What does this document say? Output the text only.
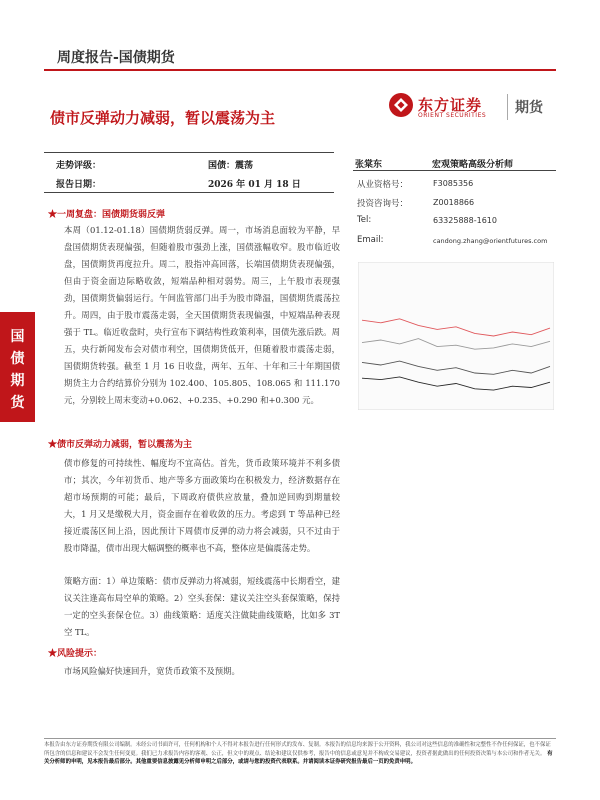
周度报告-国债期货
债市反弹动力减弱，暂以震荡为主
东方证券
ORIENT SECURITIES 期货
走势评级：	国债：震荡
报告日期：	2026 年 01 月 18 日
张棠东	宏观策略高级分析师
从业资格号：	F3085356
投资咨询号：	Z0018866
Tel:	63325888-1610
Email:	candong.zhang@orientfutures.com
国
债
期
货
★一周复盘：国债期货弱反弹
本周（01.12-01.18）国债期货弱反弹。周一，市场消息面较为平静，早盘国债期货表现偏强，但随着股市强劲上涨，国债涨幅收窄。股市临近收盘，国债期货再度拉升。周二，股指冲高回落，长端国债期货表现偏强，但由于资金面边际略收敛，短端品种相对弱势。周三，上午股市表现强劲，国债期货偏弱运行。午间监管部门出手为股市降温，国债期货震荡拉升。周四，由于股市震荡走弱，全天国债期货表现偏强，中短端品种表现强于 TL。临近收盘时，央行宣布下调结构性政策利率，国债先涨后跌。周五，央行新闻发布会对债市利空，国债期货低开，但随着股市震荡走弱，国债期货转强。截至 1 月 16 日收盘，两年、五年、十年和三十年期国债期货主力合约结算价分别为 102.400、105.805、108.065 和 111.170 元，分别较上周末变动+0.062、+0.235、+0.290 和+0.300 元。
★债市反弹动力减弱，暂以震荡为主
债市修复的可持续性、幅度均不宜高估。首先，货币政策环境并不利多债市；其次，今年初货币、地产等多方面政策均在积极发力，经济数据存在超市场预期的可能；最后，下周政府债供应放量，叠加逆回购到期量较大，1 月又是缴税大月，资金面存在着收敛的压力。考虑到 T 等品种已经接近震荡区间上沿，因此预计下周债市反弹的动力将会减弱，只不过由于股市降温，债市出现大幅调整的概率也不高，整体应是偏震荡走势。
策略方面：1）单边策略：债市反弹动力将减弱，短线震荡中长期看空，建议关注逢高布局空单的策略。2）空头套保：建议关注空头套保策略，保持一定的空头套保仓位。3）曲线策略：适度关注做陡曲线策略，比如多 3T 空 TL。
★风险提示：
市场风险偏好快速回升，宽货币政策不及预期。
本报告由东方证券期货有限公司编制。未经公司书面许可，任何机构和个人不得对本报告进行任何形式的发布、复制。本报告的信息均来源于公开资料，我公司对这些信息的准确性和完整性不作任何保证，也不保证所包含的信息和建议不会发生任何变更。我们已力求报告内容的客观、公正，但文中的观点、结论和建议仅供参考，报告中的信息或意见并不构成交易建议，投资者据此做出的任何投资决策与本公司和作者无关。 有关分析师的申明，见本报告最后部分。其他重要信息披露见分析师申明之后部分，或请与您的投资代表联系。并请阅读本证券研究报告最后一页的免责申明。
